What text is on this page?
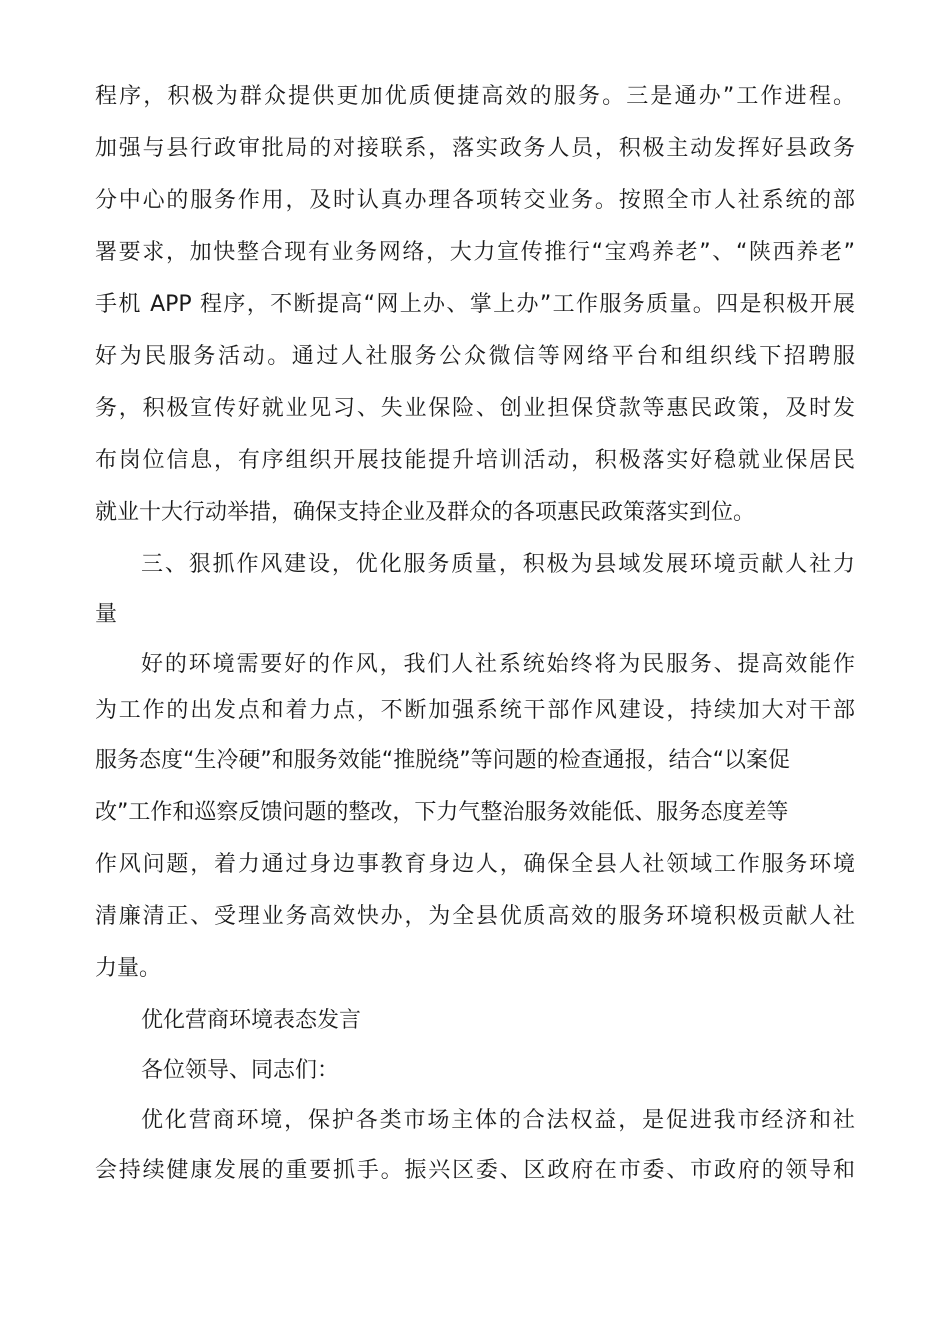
程序，积极为群众提供更加优质便捷高效的服务。三是通办”工作进程。
加强与县行政审批局的对接联系，落实政务人员，积极主动发挥好县政务
分中心的服务作用，及时认真办理各项转交业务。按照全市人社系统的部
署要求，加快整合现有业务网络，大力宣传推行“宝鸡养老”、“陕西养老”
手机 APP 程序，不断提高“网上办、掌上办”工作服务质量。四是积极开展
好为民服务活动。通过人社服务公众微信等网络平台和组织线下招聘服
务，积极宣传好就业见习、失业保险、创业担保贷款等惠民政策，及时发
布岗位信息，有序组织开展技能提升培训活动，积极落实好稳就业保居民
就业十大行动举措，确保支持企业及群众的各项惠民政策落实到位。
三、狠抓作风建设，优化服务质量，积极为县域发展环境贡献人社力
量
好的环境需要好的作风，我们人社系统始终将为民服务、提高效能作
为工作的出发点和着力点，不断加强系统干部作风建设，持续加大对干部
服务态度“生冷硬”和服务效能“推脱绕”等问题的检查通报，结合“以案促
改”工作和巡察反馈问题的整改，下力气整治服务效能低、服务态度差等
作风问题，着力通过身边事教育身边人，确保全县人社领域工作服务环境
清廉清正、受理业务高效快办，为全县优质高效的服务环境积极贡献人社
力量。
优化营商环境表态发言
各位领导、同志们：
优化营商环境，保护各类市场主体的合法权益，是促进我市经济和社
会持续健康发展的重要抓手。振兴区委、区政府在市委、市政府的领导和
